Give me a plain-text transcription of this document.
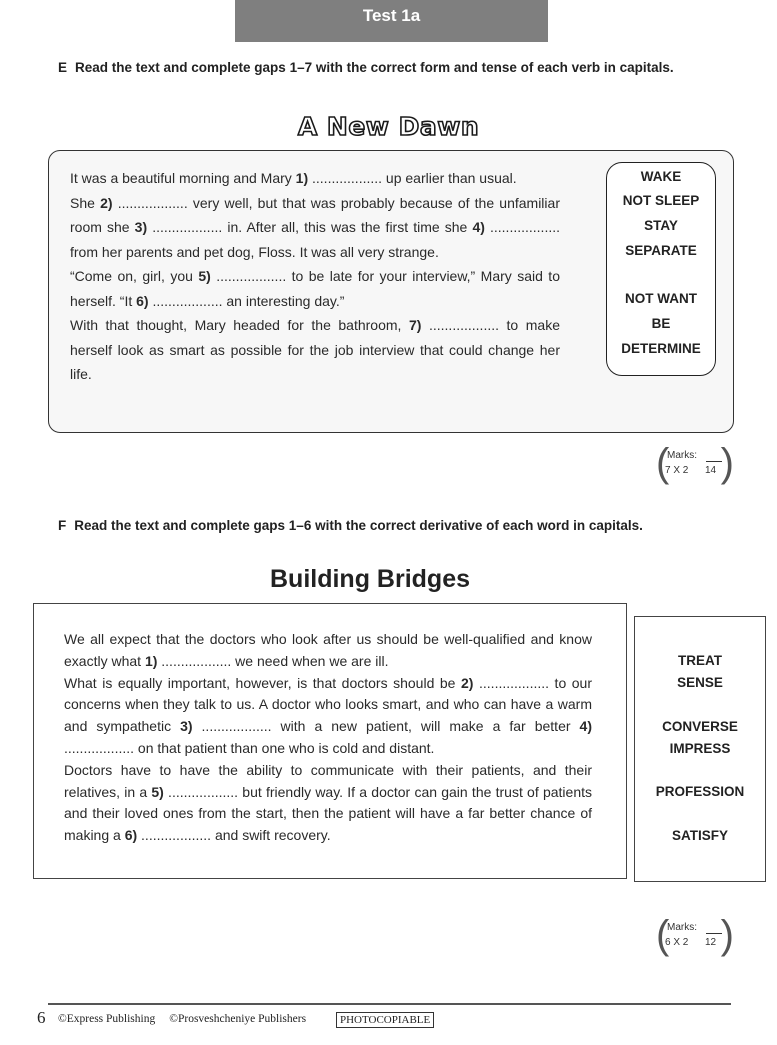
Test 1a
E Read the text and complete gaps 1–7 with the correct form and tense of each verb in capitals.
A New Dawn

It was a beautiful morning and Mary 1) .................. up earlier than usual.

She 2) .................. very well, but that was probably because of the unfamiliar room she 3) .................. in. After all, this was the first time she 4) .................. from her parents and pet dog, Floss. It was all very strange.

“Come on, girl, you 5) .................. to be late for your interview,” Mary said to herself. “It 6) .................. an interesting day.”

With that thought, Mary headed for the bathroom, 7) .................. to make herself look as smart as possible for the job interview that could change her life.

WAKE
NOT SLEEP
STAY
SEPARATE
NOT WANT
BE
DETERMINE
(
Marks:
7 X 2 14 )
F Read the text and complete gaps 1–6 with the correct derivative of each word in capitals.
Building Bridges

We all expect that the doctors who look after us should be well-qualified and know exactly what 1) .................. we need when we are ill.

What is equally important, however, is that doctors should be 2) .................. to our concerns when they talk to us. A doctor who looks smart, and who can have a warm and sympathetic 3) .................. with a new patient, will make a far better 4) .................. on that patient than one who is cold and distant.

Doctors have to have the ability to communicate with their patients, and their relatives, in a 5) .................. but friendly way. If a doctor can gain the trust of patients and their loved ones from the start, then the patient will have a far better chance of making a 6) .................. and swift recovery.

TREAT
SENSE
CONVERSE
IMPRESS
PROFESSION
SATISFY
(
Marks:
6 X 2 12 )
6 ©Express Publishing ©Prosveshcheniye Publishers	PHOTOCOPIABLE
